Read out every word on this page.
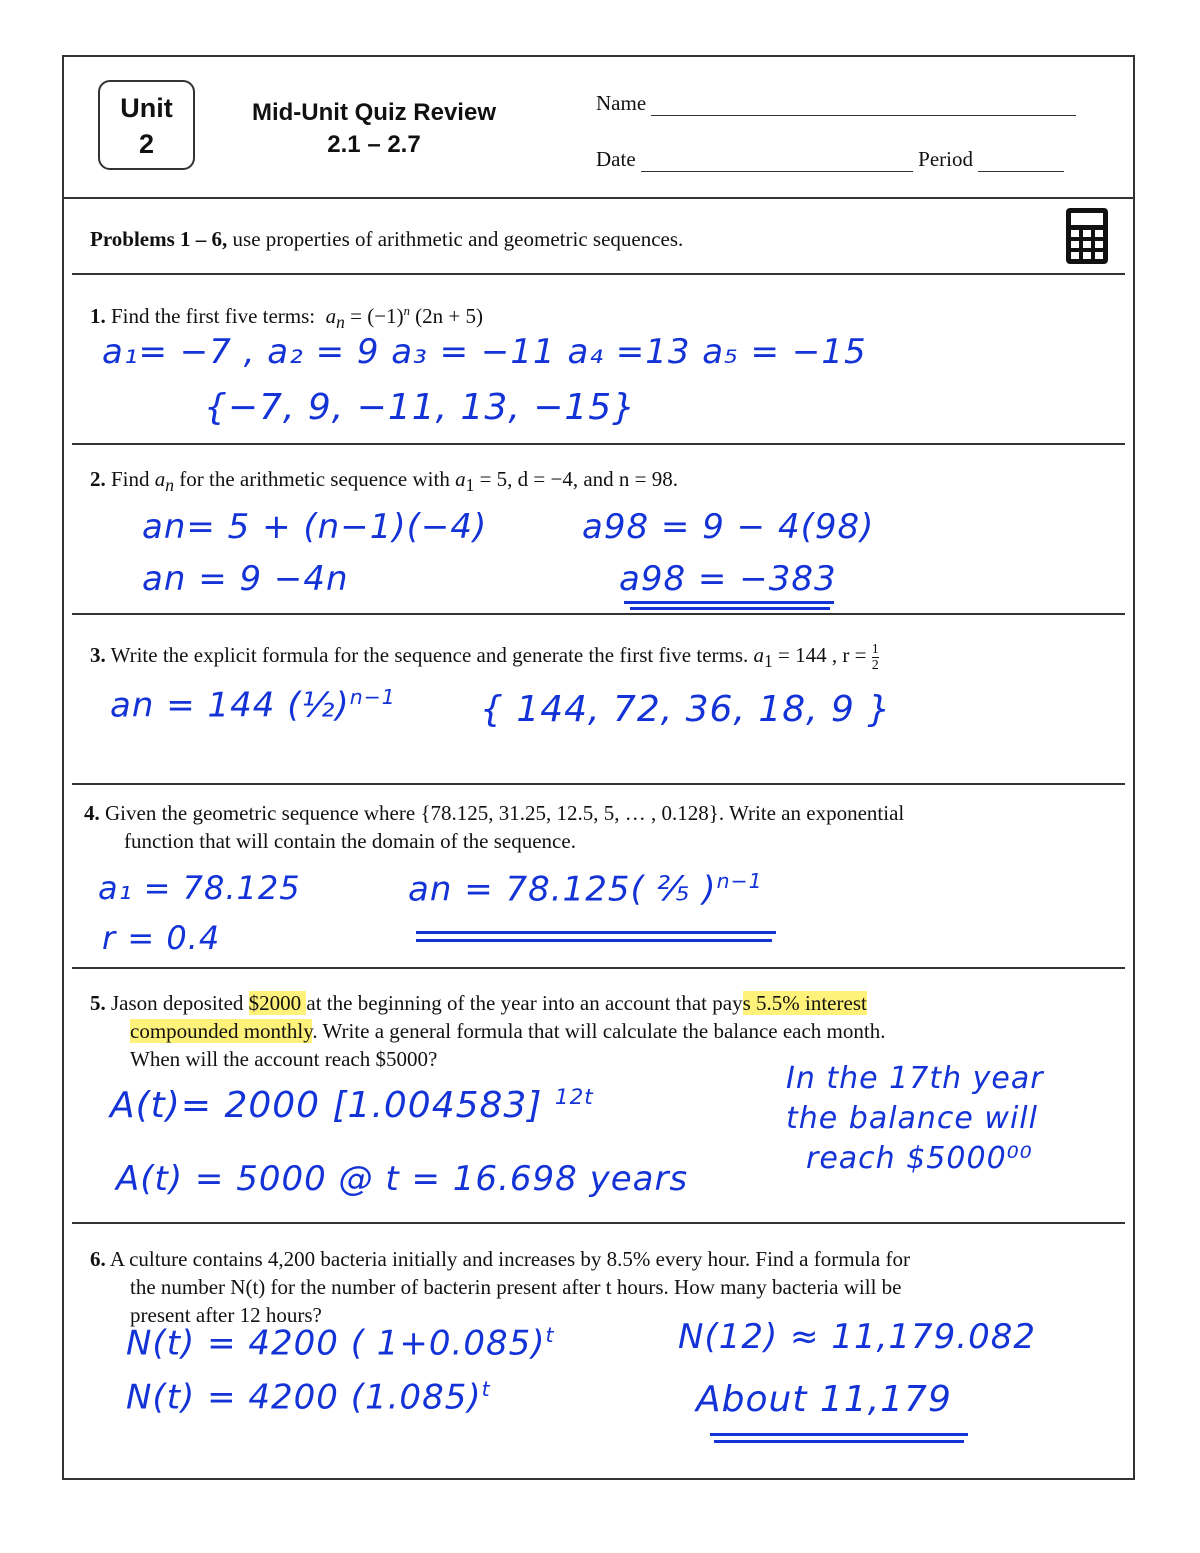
Unit
2
Mid-Unit Quiz Review
2.1 – 2.7
Name
Date	Period
Problems 1 – 6, use properties of arithmetic and geometric sequences.
1. Find the first five terms: $a_n = (-1)^n$ (2n + 5)
a₁= −7 , a₂ = 9 a₃ = −11 a₄ =13 a₅ = −15
{−7, 9, −11, 13, −15}
2. Find $a_n$ for the arithmetic sequence with $a_1 = 5$, d = −4, and n = 98.
an= 5 + (n−1)(−4)
an = 9 −4n
a98 = 9 − 4(98)
a98 = −383
3. Write the explicit formula for the sequence and generate the first five terms. $a_1 = 144$ , $r = \frac{1}{2}$
an = 144 (½)$^{n-1}$ { 144, 72, 36, 18, 9 }
4. Given the geometric sequence where {78.125, 31.25, 12.5, 5, … , 0.128}. Write an exponential
function that will contain the domain of the sequence.
a₁ = 78.125
r = 0.4
an = 78.125( ⅖ )$^{n-1}$
5. Jason deposited $2000 at the beginning of the year into an account that pays 5.5% interest
compounded monthly. Write a general formula that will calculate the balance each month.
When will the account reach $5000?
A(t)= 2000 [1.004583] $^{12t}$
A(t) = 5000 @ t = 16.698 years
In the 17th year
the balance will
reach $5000⁰⁰
6. A culture contains 4,200 bacteria initially and increases by 8.5% every hour. Find a formula for
the number N(t) for the number of bacterin present after t hours. How many bacteria will be
present after 12 hours?
N(t) = 4200 ( 1+0.085)$^t$
N(t) = 4200 $(1.085)^t$
N(12) ≈ 11,179.082
About 11,179
